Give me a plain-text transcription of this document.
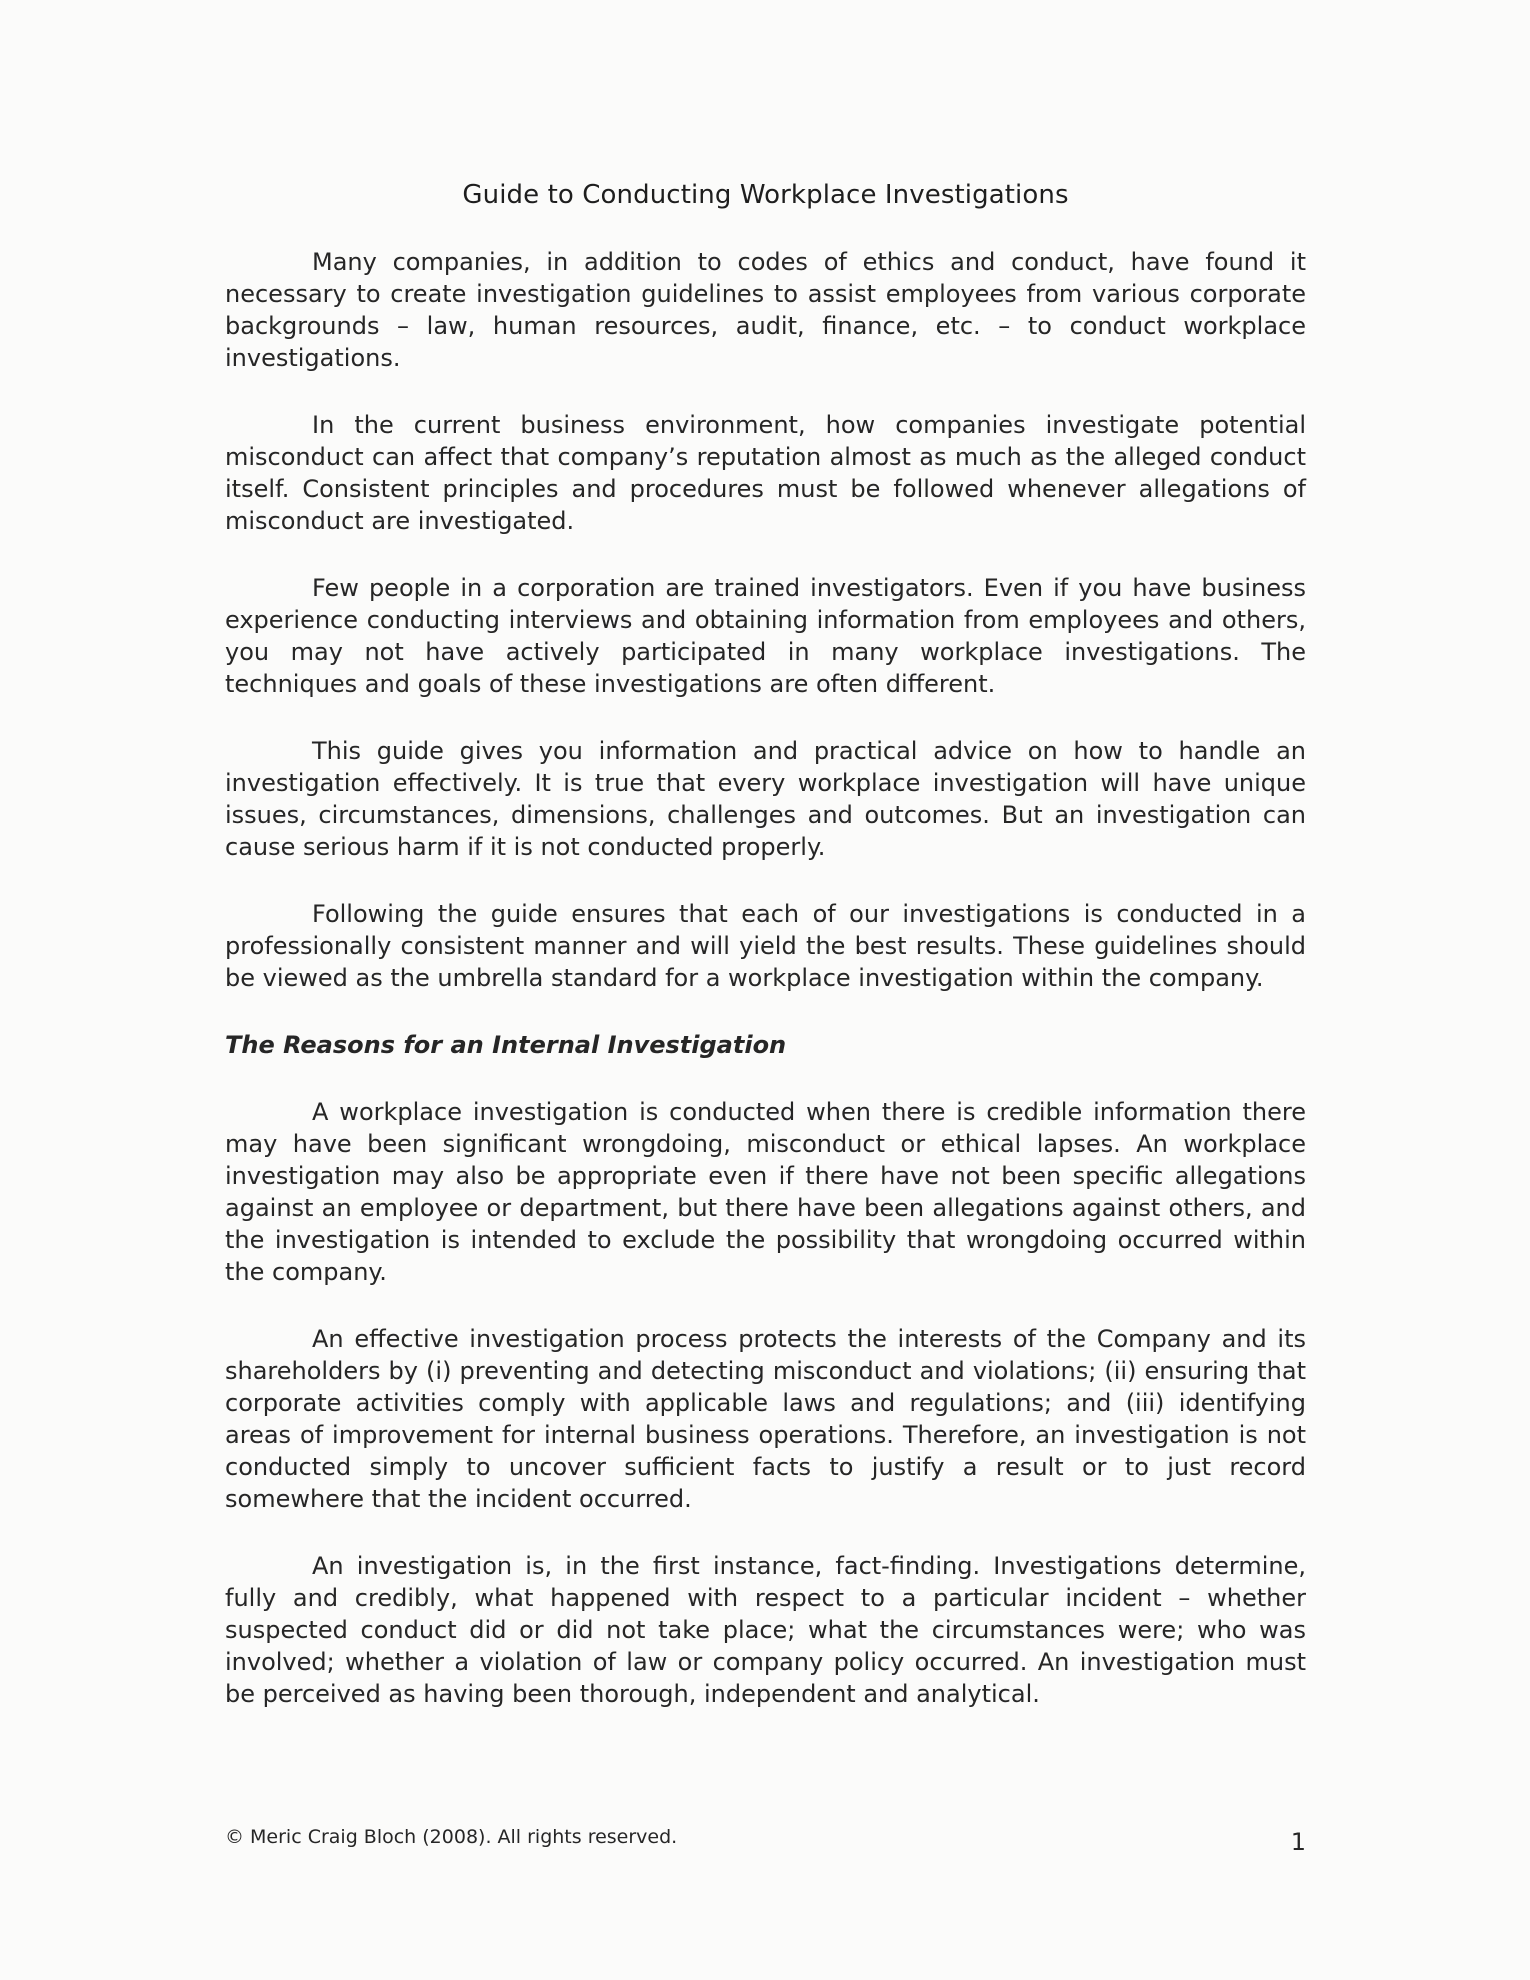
Guide to Conducting Workplace Investigations

Many companies, in addition to codes of ethics and conduct, have found it necessary to create investigation guidelines to assist employees from various corporate backgrounds – law, human resources, audit, finance, etc. – to conduct workplace investigations.

In the current business environment, how companies investigate potential misconduct can affect that company’s reputation almost as much as the alleged conduct itself. Consistent principles and procedures must be followed whenever allegations of misconduct are investigated.

Few people in a corporation are trained investigators. Even if you have business experience conducting interviews and obtaining information from employees and others, you may not have actively participated in many workplace investigations. The techniques and goals of these investigations are often different.

This guide gives you information and practical advice on how to handle an investigation effectively. It is true that every workplace investigation will have unique issues, circumstances, dimensions, challenges and outcomes. But an investigation can cause serious harm if it is not conducted properly.

Following the guide ensures that each of our investigations is conducted in a professionally consistent manner and will yield the best results. These guidelines should be viewed as the umbrella standard for a workplace investigation within the company.

The Reasons for an Internal Investigation

A workplace investigation is conducted when there is credible information there may have been significant wrongdoing, misconduct or ethical lapses. An workplace investigation may also be appropriate even if there have not been specific allegations against an employee or department, but there have been allegations against others, and the investigation is intended to exclude the possibility that wrongdoing occurred within the company.

An effective investigation process protects the interests of the Company and its shareholders by (i) preventing and detecting misconduct and violations; (ii) ensuring that corporate activities comply with applicable laws and regulations; and (iii) identifying areas of improvement for internal business operations. Therefore, an investigation is not conducted simply to uncover sufficient facts to justify a result or to just record somewhere that the incident occurred.

An investigation is, in the first instance, fact-finding. Investigations determine, fully and credibly, what happened with respect to a particular incident – whether suspected conduct did or did not take place; what the circumstances were; who was involved; whether a violation of law or company policy occurred. An investigation must be perceived as having been thorough, independent and analytical.

© Meric Craig Bloch (2008). All rights reserved.	1
